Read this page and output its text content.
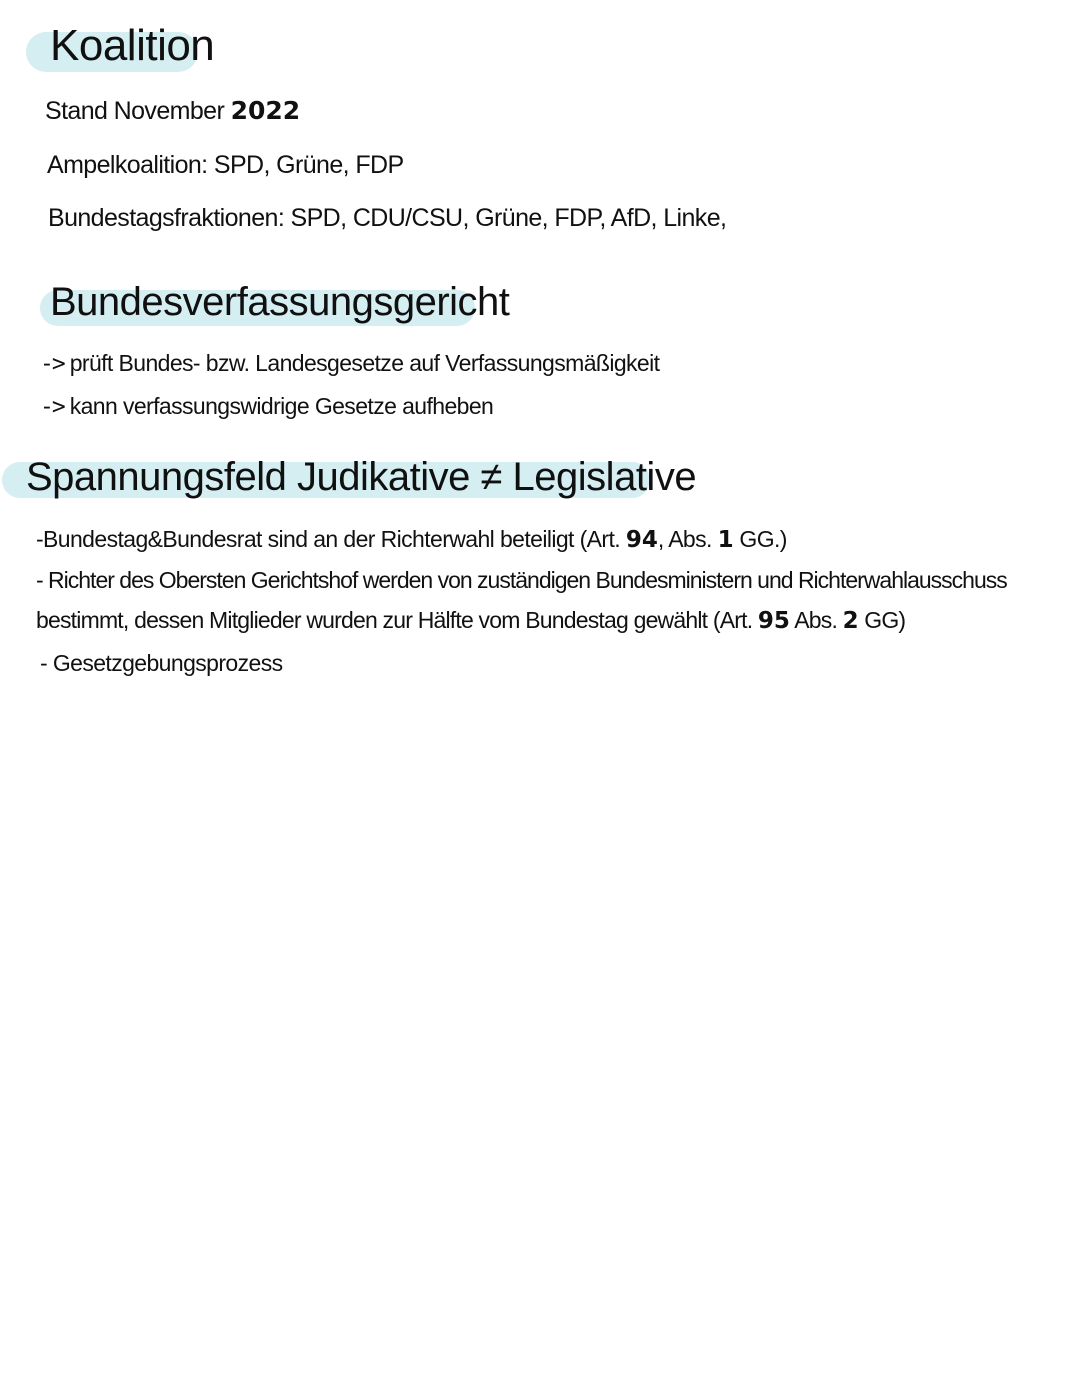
Koalition
Stand November 2022
Ampelkoalition: SPD, Grüne, FDP
Bundestagsfraktionen: SPD, CDU/CSU, Grüne, FDP, AfD, Linke,
Bundesverfassungsgericht
-> prüft Bundes- bzw. Landesgesetze auf Verfassungsmäßigkeit
-> kann verfassungswidrige Gesetze aufheben
Spannungsfeld Judikative ≠ Legislative
-Bundestag&Bundesrat sind an der Richterwahl beteiligt (Art. 94, Abs. 1 GG.)
- Richter des Obersten Gerichtshof werden von zuständigen Bundesministern und Richterwahlausschuss
bestimmt, dessen Mitglieder wurden zur Hälfte vom Bundestag gewählt (Art. 95 Abs. 2 GG)
- Gesetzgebungsprozess
